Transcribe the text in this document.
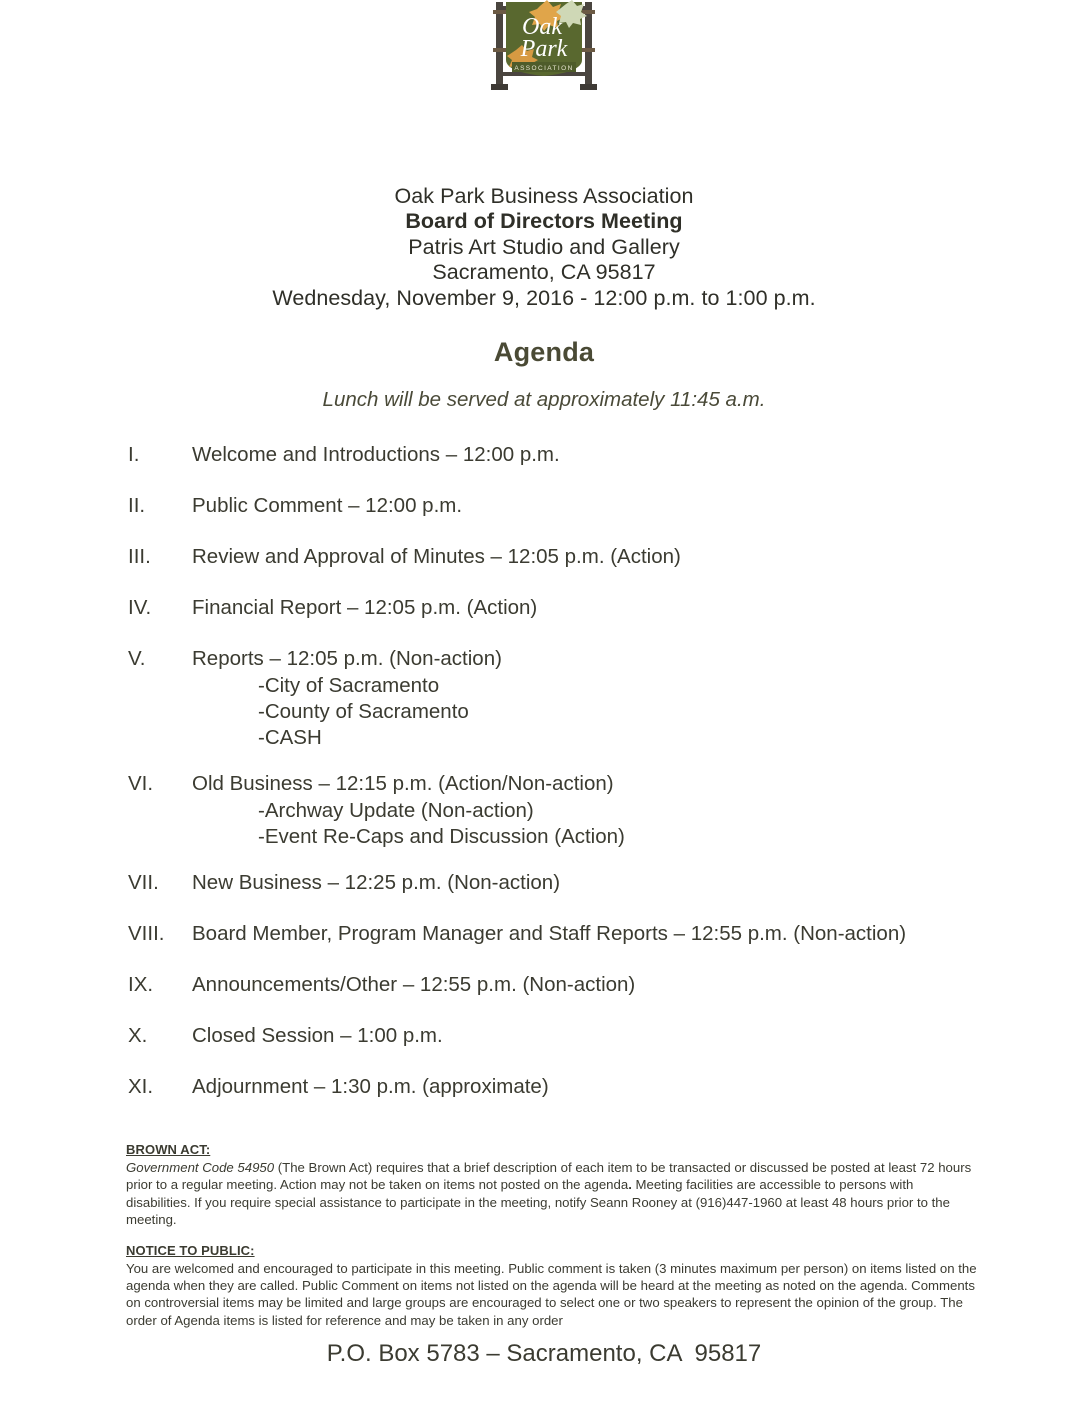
Oak
Park
ASSOCIATION
Oak Park Business Association
Board of Directors Meeting
Patris Art Studio and Gallery
Sacramento, CA 95817
Wednesday, November 9, 2016 - 12:00 p.m. to 1:00 p.m.
Agenda
Lunch will be served at approximately 11:45 a.m.
I.	Welcome and Introductions – 12:00 p.m.
II.	Public Comment – 12:00 p.m.
III.	Review and Approval of Minutes – 12:05 p.m. (Action)
IV.	Financial Report – 12:05 p.m. (Action)
V.	Reports – 12:05 p.m. (Non-action)
-City of Sacramento
-County of Sacramento
-CASH
VI.	Old Business – 12:15 p.m. (Action/Non-action)
-Archway Update (Non-action)
-Event Re-Caps and Discussion (Action)
VII.	New Business – 12:25 p.m. (Non-action)
VIII.	Board Member, Program Manager and Staff Reports – 12:55 p.m. (Non-action)
IX.	Announcements/Other – 12:55 p.m. (Non-action)
X.	Closed Session – 1:00 p.m.
XI.	Adjournment – 1:30 p.m. (approximate)
BROWN ACT:
Government Code 54950 (The Brown Act) requires that a brief description of each item to be transacted or discussed be posted at least 72 hours prior to a regular meeting. Action may not be taken on items not posted on the agenda. Meeting facilities are accessible to persons with disabilities. If you require special assistance to participate in the meeting, notify Seann Rooney at (916)447-1960 at least 48 hours prior to the meeting.
NOTICE TO PUBLIC:
You are welcomed and encouraged to participate in this meeting. Public comment is taken (3 minutes maximum per person) on items listed on the agenda when they are called. Public Comment on items not listed on the agenda will be heard at the meeting as noted on the agenda. Comments on controversial items may be limited and large groups are encouraged to select one or two speakers to represent the opinion of the group. The order of Agenda items is listed for reference and may be taken in any order
P.O. Box 5783 – Sacramento, CA  95817
